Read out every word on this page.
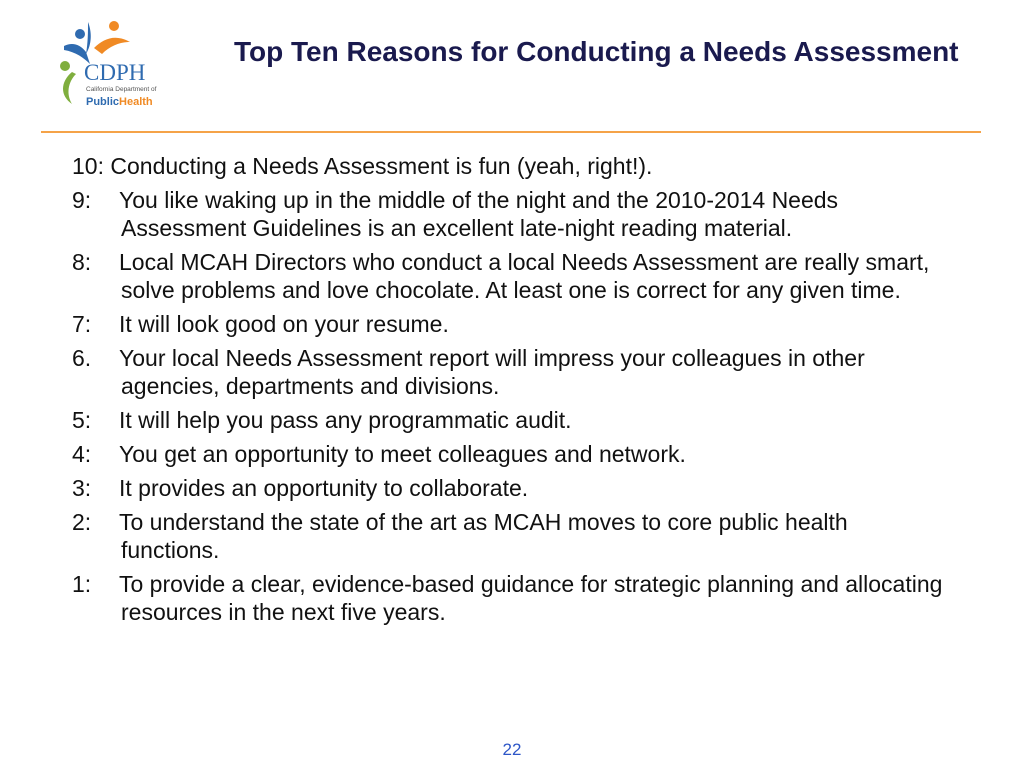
CDPH
California Department of
PublicHealth
Top Ten Reasons for Conducting a Needs Assessment
10: Conducting a Needs Assessment is fun (yeah, right!).
9: You like waking up in the middle of the night and the 2010-2014 Needs Assessment Guidelines is an excellent late-night reading material.
8: Local MCAH Directors who conduct a local Needs Assessment are really smart, solve problems and love chocolate. At least one is correct for any given time.
7: It will look good on your resume.
6. Your local Needs Assessment report will impress your colleagues in other agencies, departments and divisions.
5: It will help you pass any programmatic audit.
4: You get an opportunity to meet colleagues and network.
3: It provides an opportunity to collaborate.
2: To understand the state of the art as MCAH moves to core public health functions.
1: To provide a clear, evidence-based guidance for strategic planning and allocating resources in the next five years.
22
